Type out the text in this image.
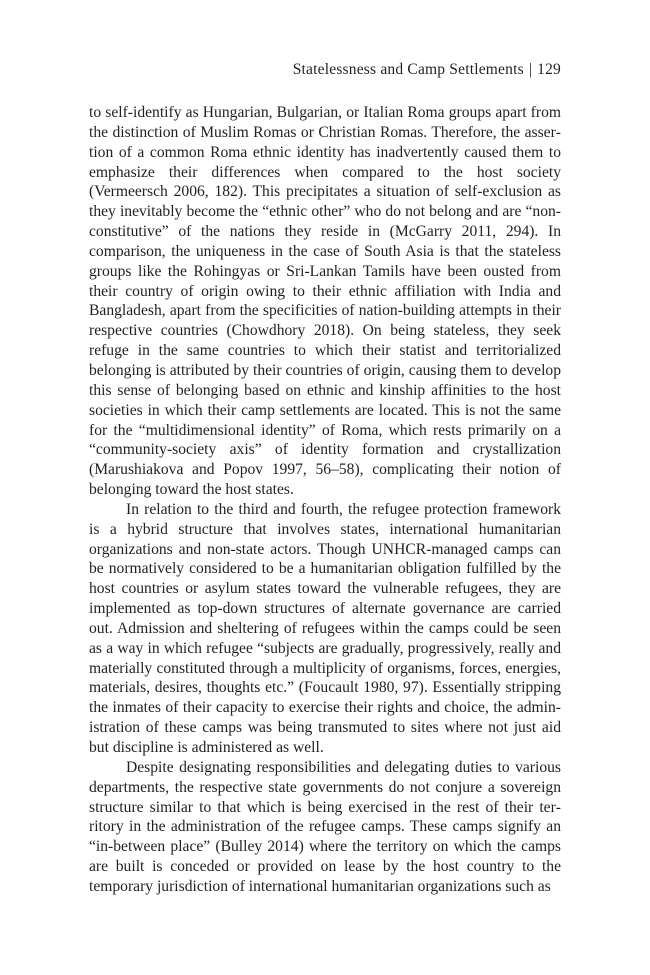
Statelessness and Camp Settlements | 129

to self-identify as Hungarian, Bulgarian, or Italian Roma groups apart from the distinction of Muslim Romas or Christian Romas. Therefore, the assertion of a common Roma ethnic identity has inadvertently caused them to emphasize their differences when compared to the host society (Vermeersch 2006, 182). This precipitates a situation of self-exclusion as they inevitably become the “ethnic other” who do not belong and are “non-constitutive” of the nations they reside in (McGarry 2011, 294). In comparison, the uniqueness in the case of South Asia is that the stateless groups like the Rohingyas or Sri-Lankan Tamils have been ousted from their country of origin owing to their ethnic affiliation with India and Bangladesh, apart from the specificities of nation-building attempts in their respective countries (Chowdhory 2018). On being stateless, they seek refuge in the same countries to which their statist and territorialized belonging is attributed by their countries of origin, causing them to develop this sense of belonging based on ethnic and kinship affinities to the host societies in which their camp settlements are located. This is not the same for the “multidimensional identity” of Roma, which rests primarily on a “community-society axis” of identity formation and crystallization (Marushiakova and Popov 1997, 56–58), complicating their notion of belonging toward the host states.

In relation to the third and fourth, the refugee protection framework is a hybrid structure that involves states, international humanitarian organizations and non-state actors. Though UNHCR-managed camps can be normatively considered to be a humanitarian obligation fulfilled by the host countries or asylum states toward the vulnerable refugees, they are implemented as top-down structures of alternate governance are carried out. Admission and sheltering of refugees within the camps could be seen as a way in which refugee “subjects are gradually, progressively, really and materially constituted through a multiplicity of organisms, forces, energies, materials, desires, thoughts etc.” (Foucault 1980, 97). Essentially stripping the inmates of their capacity to exercise their rights and choice, the administration of these camps was being transmuted to sites where not just aid but discipline is administered as well.

Despite designating responsibilities and delegating duties to various departments, the respective state governments do not conjure a sovereign structure similar to that which is being exercised in the rest of their territory in the administration of the refugee camps. These camps signify an “in-between place” (Bulley 2014) where the territory on which the camps are built is conceded or provided on lease by the host country to the temporary jurisdiction of international humanitarian organizations such as
